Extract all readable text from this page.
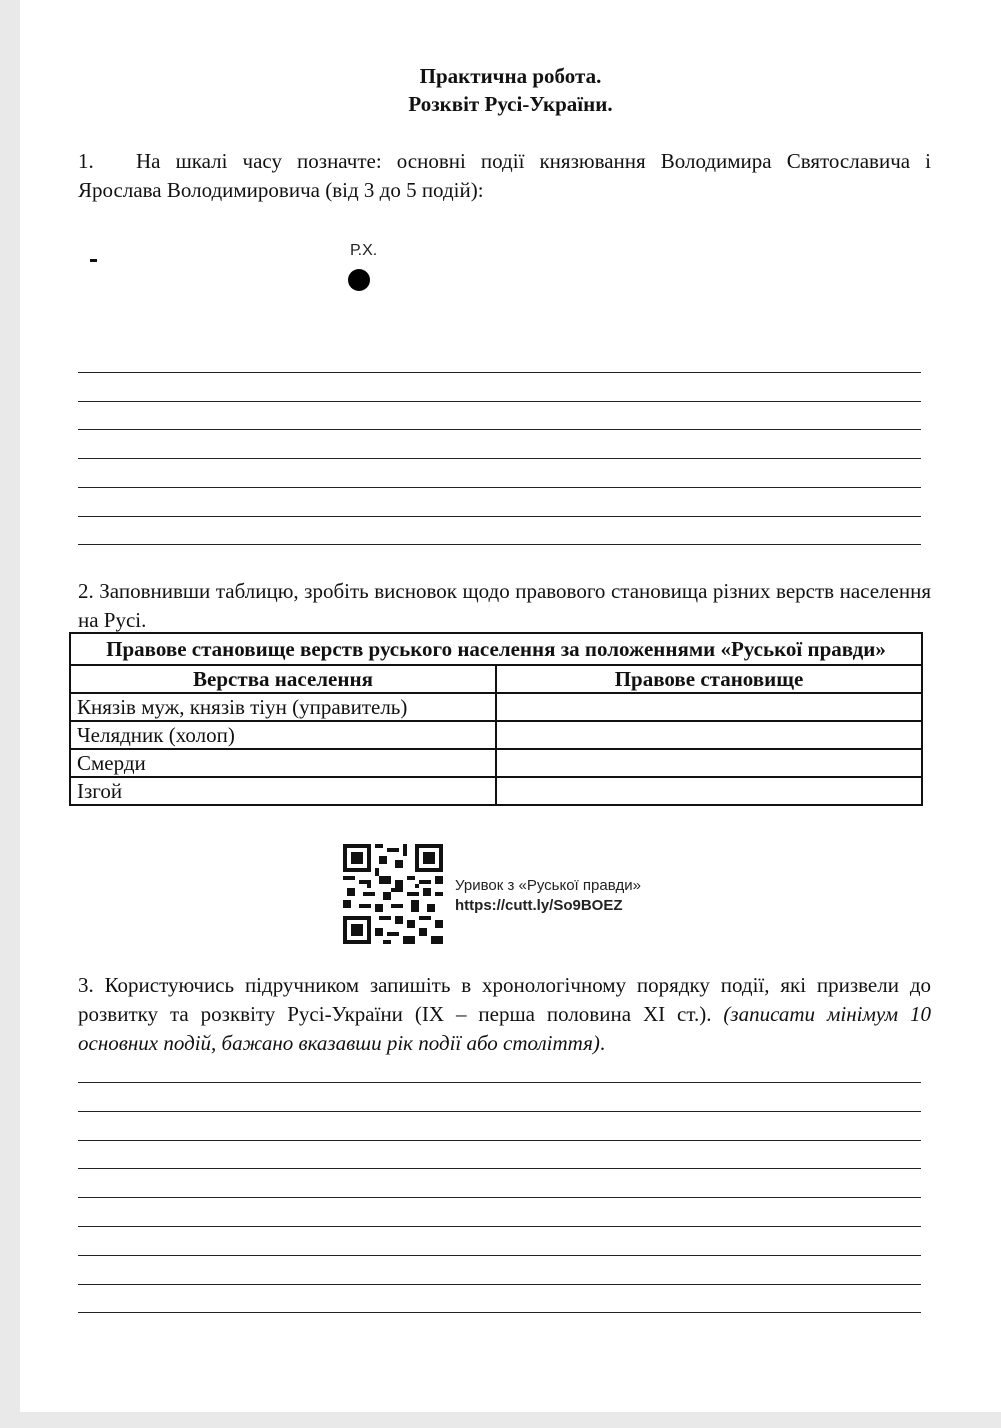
Практична робота.
Розквіт Русі-України.
1. На шкалі часу позначте: основні події князювання Володимира Святославича і Ярослава Володимировича (від 3 до 5 подій):
Р.Х.
2. Заповнивши таблицю, зробіть висновок щодо правового становища різних верств населення на Русі.
Правове становище верств руського населення за положеннями «Руської правди»	
Верства населення	Правове становище
Князів муж, князів тіун (управитель)	
Челядник (холоп)	
Смерди	
Ізгой	
Уривок з «Руської правди»
https://cutt.ly/So9BOEZ
3. Користуючись підручником запишіть в хронологічному порядку події, які призвели до розвитку та розквіту Русі-України (IX – перша половина XI ст.). (записати мінімум 10 основних подій, бажано вказавши рік події або століття).
